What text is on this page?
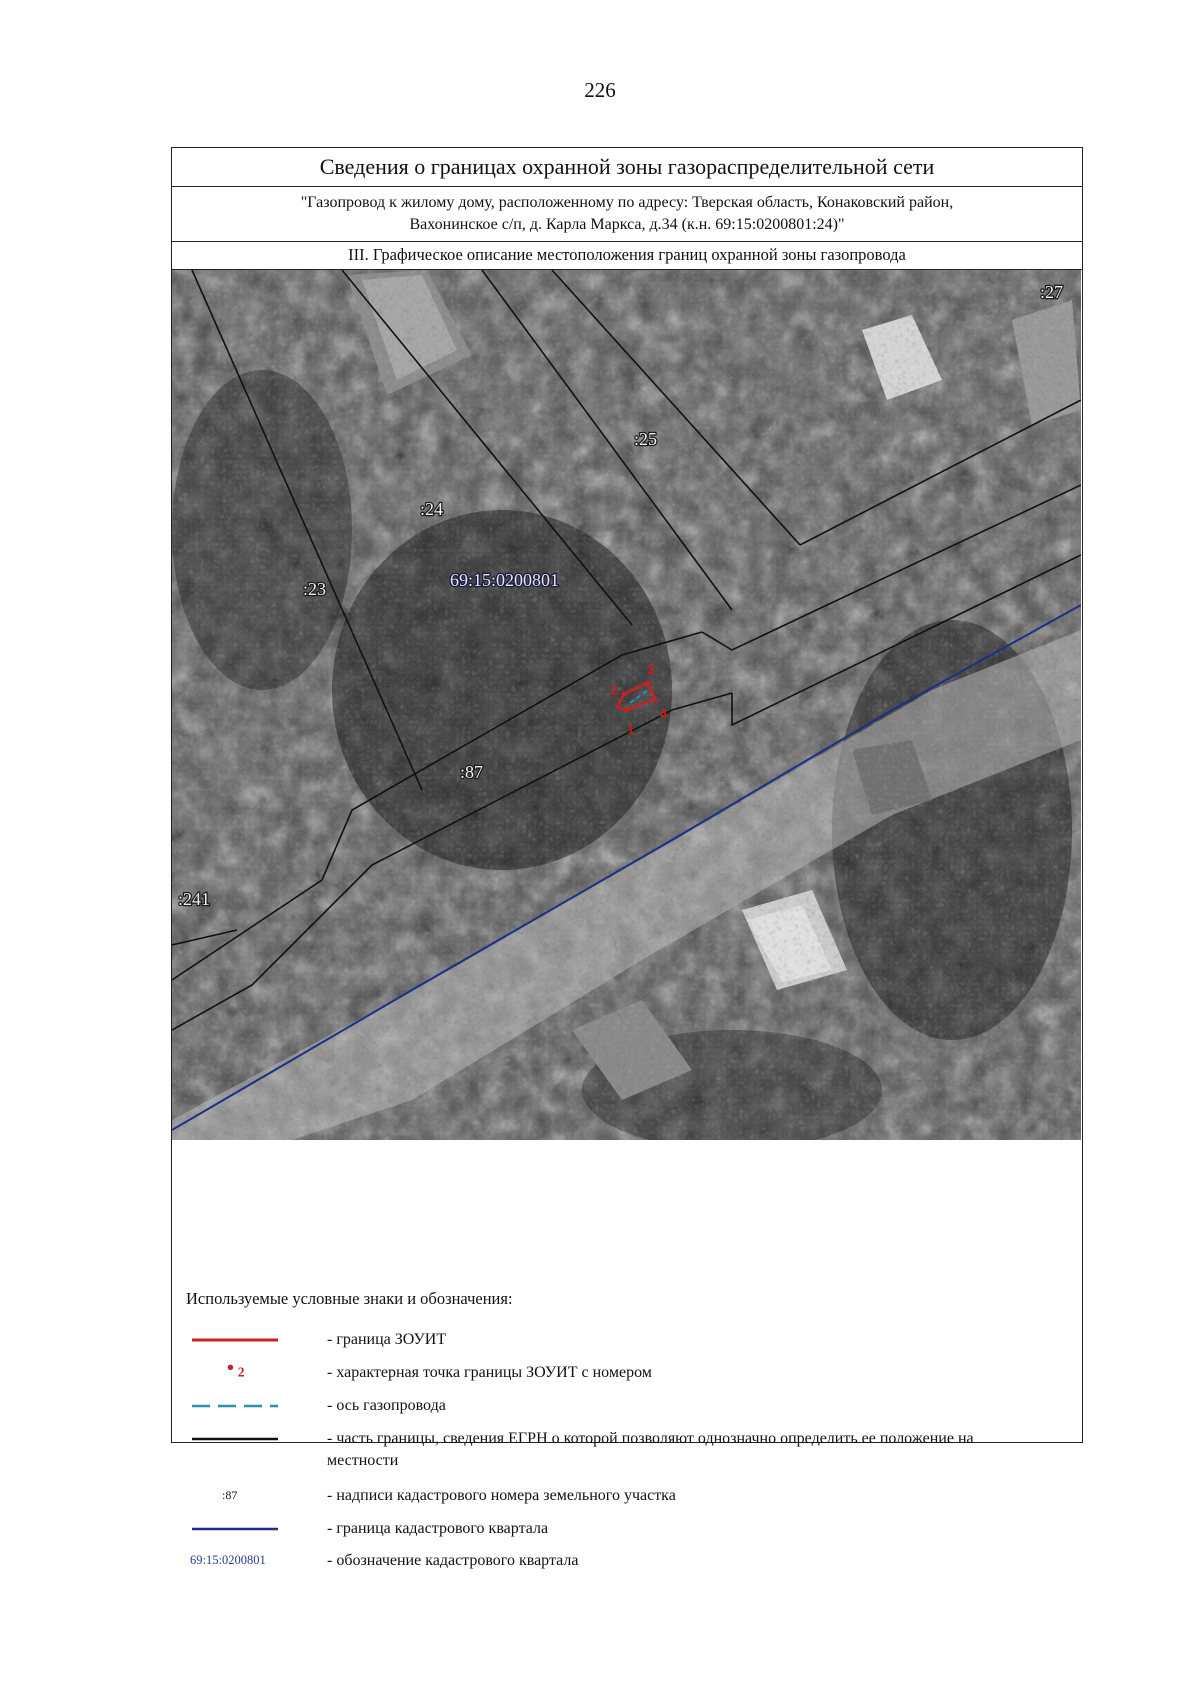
226
Сведения о границах охранной зоны газораспределительной сети
"Газопровод к жилому дому, расположенному по адресу: Тверская область, Конаковский район,
Вахонинское с/п, д. Карла Маркса, д.34 (к.н. 69:15:0200801:24)"
III. Графическое описание местоположения границ охранной зоны газопровода
1
2
3
4
:27
:25
:24
:23
:87
:241
69:15:0200801
Используемые условные знаки и обозначения:
- граница ЗОУИТ
2	- характерная точка границы ЗОУИТ с номером
- ось газопровода
- часть границы, сведения ЕГРН о которой позволяют однозначно определить ее положение на местности
:87	- надписи кадастрового номера земельного участка
- граница кадастрового квартала
69:15:0200801	- обозначение кадастрового квартала
